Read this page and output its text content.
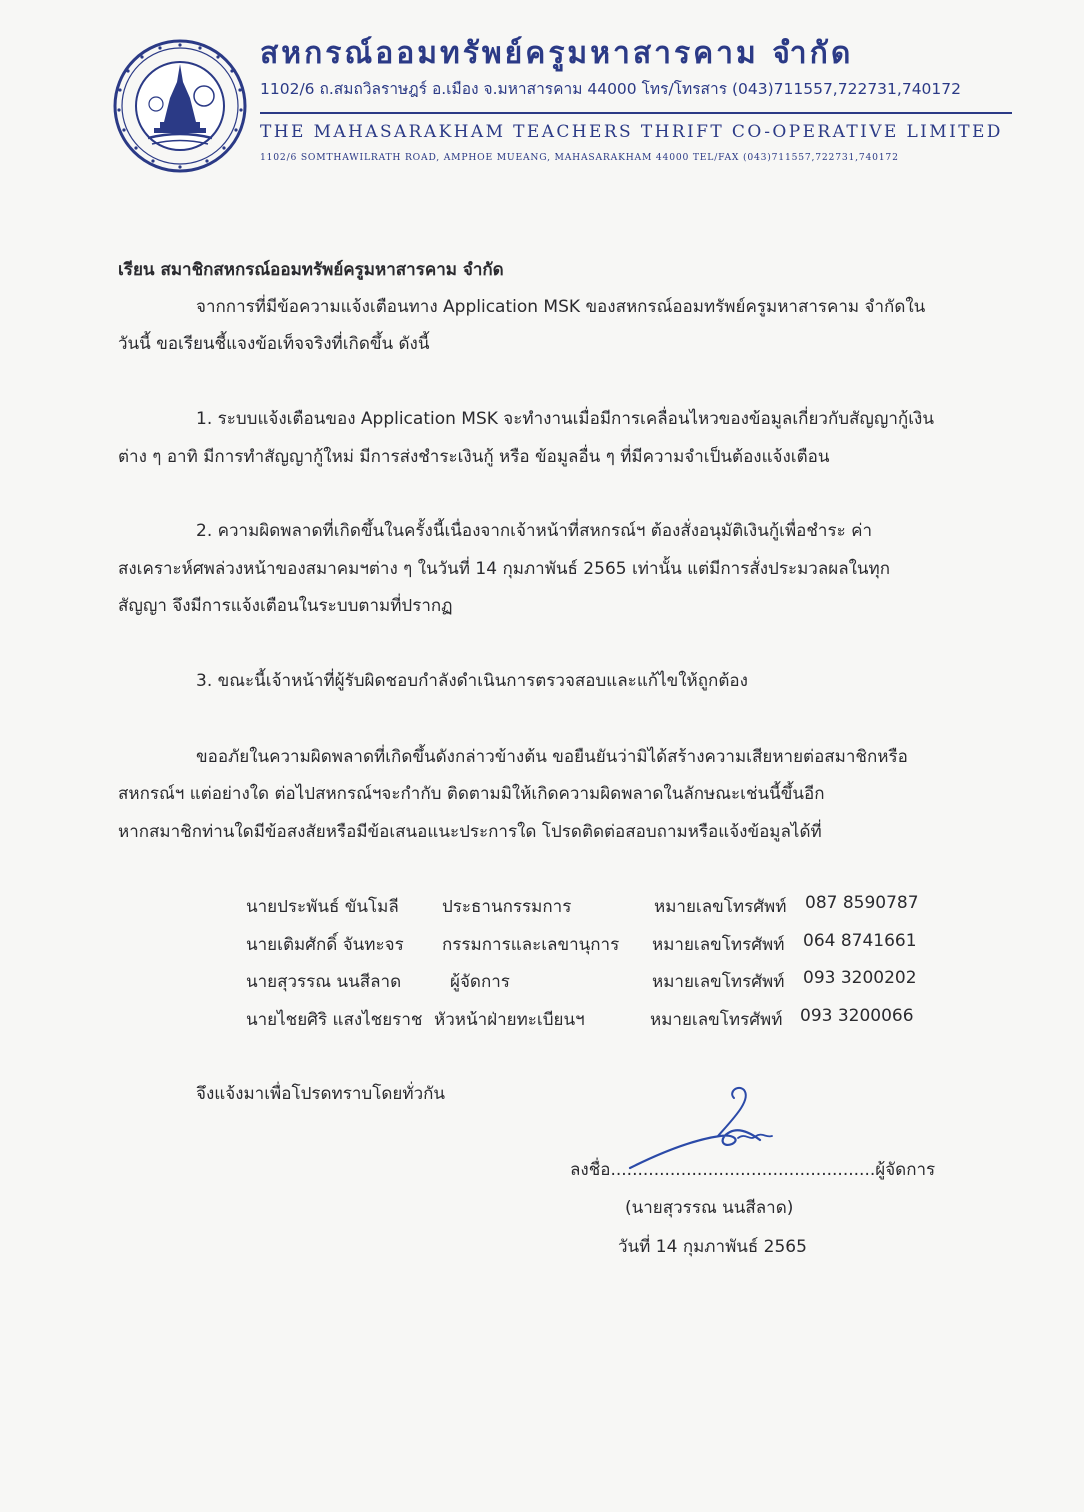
สหกรณ์ออมทรัพย์ครูมหาสารคาม จำกัด
1102/6 ถ.สมถวิลราษฎร์ อ.เมือง จ.มหาสารคาม 44000 โทร/โทรสาร (043)711557,722731,740172
THE MAHASARAKHAM TEACHERS THRIFT CO-OPERATIVE LIMITED
1102/6 SOMTHAWILRATH ROAD, AMPHOE MUEANG, MAHASARAKHAM 44000 TEL/FAX (043)711557,722731,740172
เรียน สมาชิกสหกรณ์ออมทรัพย์ครูมหาสารคาม จำกัด
จากการที่มีข้อความแจ้งเตือนทาง Application MSK ของสหกรณ์ออมทรัพย์ครูมหาสารคาม จำกัดใน
วันนี้ ขอเรียนชี้แจงข้อเท็จจริงที่เกิดขึ้น ดังนี้
1. ระบบแจ้งเตือนของ Application MSK จะทำงานเมื่อมีการเคลื่อนไหวของข้อมูลเกี่ยวกับสัญญากู้เงิน
ต่าง ๆ อาทิ มีการทำสัญญากู้ใหม่ มีการส่งชำระเงินกู้ หรือ ข้อมูลอื่น ๆ ที่มีความจำเป็นต้องแจ้งเตือน
2. ความผิดพลาดที่เกิดขึ้นในครั้งนี้เนื่องจากเจ้าหน้าที่สหกรณ์ฯ ต้องสั่งอนุมัติเงินกู้เพื่อชำระ ค่า
สงเคราะห์ศพล่วงหน้าของสมาคมฯต่าง ๆ ในวันที่ 14 กุมภาพันธ์ 2565 เท่านั้น แต่มีการสั่งประมวลผลในทุก
สัญญา จึงมีการแจ้งเตือนในระบบตามที่ปรากฏ
3. ขณะนี้เจ้าหน้าที่ผู้รับผิดชอบกำลังดำเนินการตรวจสอบและแก้ไขให้ถูกต้อง
ขออภัยในความผิดพลาดที่เกิดขึ้นดังกล่าวข้างต้น ขอยืนยันว่ามิได้สร้างความเสียหายต่อสมาชิกหรือ
สหกรณ์ฯ แต่อย่างใด ต่อไปสหกรณ์ฯจะกำกับ ติดตามมิให้เกิดความผิดพลาดในลักษณะเช่นนี้ขึ้นอีก
หากสมาชิกท่านใดมีข้อสงสัยหรือมีข้อเสนอแนะประการใด โปรดติดต่อสอบถามหรือแจ้งข้อมูลได้ที่
นายประพันธ์ ขันโมลี	ประธานกรรมการ	หมายเลขโทรศัพท์ 087 8590787
นายเติมศักดิ์ จันทะจร กรรมการและเลขานุการ หมายเลขโทรศัพท์ 064 8741661
นายสุวรรณ นนสีลาด	ผู้จัดการ	หมายเลขโทรศัพท์ 093 3200202
นายไชยศิริ แสงไชยราช หัวหน้าฝ่ายทะเบียนฯ	หมายเลขโทรศัพท์ 093 3200066
จึงแจ้งมาเพื่อโปรดทราบโดยทั่วกัน
ลงชื่อ.................................................ผู้จัดการ
(นายสุวรรณ นนสีลาด)
วันที่ 14 กุมภาพันธ์ 2565
